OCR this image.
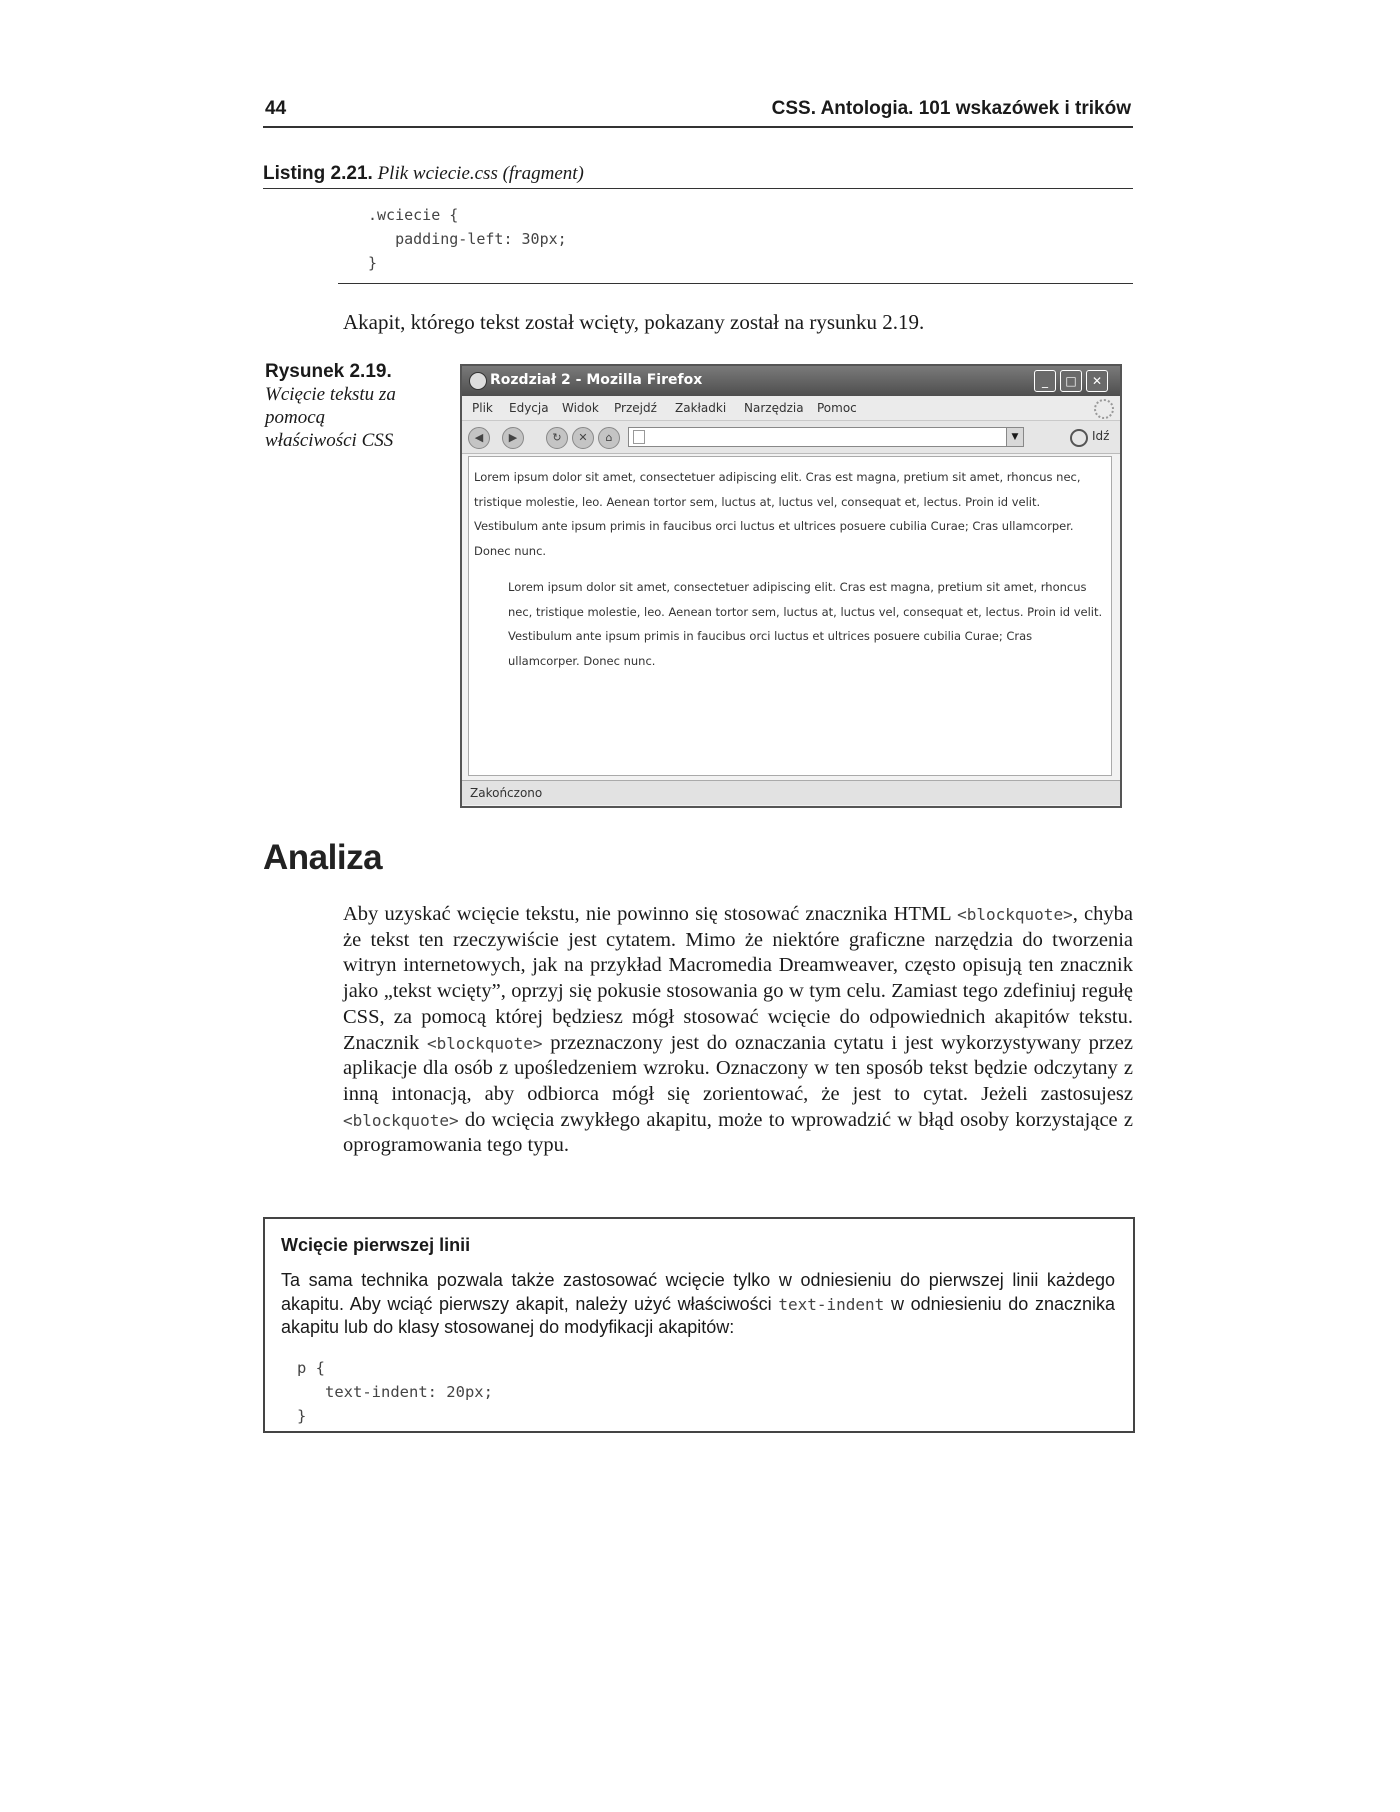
44	CSS. Antologia. 101 wskazówek i trików
Listing 2.21. Plik wciecie.css (fragment)
.wciecie {
padding-left: 30px;
}
Akapit, którego tekst został wcięty, pokazany został na rysunku 2.19.
Rysunek 2.19.
Wcięcie tekstu za pomocą właściwości CSS
Rozdział 2 - Mozilla Firefox	_	□	✕
Plik Edycja Widok Przejdź Zakładki Narzędzia Pomoc
◀	▶	↻	✕	⌂	▼	Idź

Lorem ipsum dolor sit amet, consectetuer adipiscing elit. Cras est magna, pretium sit amet, rhoncus nec, tristique molestie, leo. Aenean tortor sem, luctus at, luctus vel, consequat et, lectus. Proin id velit. Vestibulum ante ipsum primis in faucibus orci luctus et ultrices posuere cubilia Curae; Cras ullamcorper. Donec nunc.

Lorem ipsum dolor sit amet, consectetuer adipiscing elit. Cras est magna, pretium sit amet, rhoncus nec, tristique molestie, leo. Aenean tortor sem, luctus at, luctus vel, consequat et, lectus. Proin id velit. Vestibulum ante ipsum primis in faucibus orci luctus et ultrices posuere cubilia Curae; Cras ullamcorper. Donec nunc.

Zakończono
Analiza

Aby uzyskać wcięcie tekstu, nie powinno się stosować znacznika HTML <blockquote>, chyba że tekst ten rzeczywiście jest cytatem. Mimo że niektóre graficzne narzędzia do tworzenia witryn internetowych, jak na przykład Macromedia Dreamweaver, często opisują ten znacznik jako „tekst wcięty”, oprzyj się pokusie stosowania go w tym celu. Zamiast tego zdefiniuj regułę CSS, za pomocą której będziesz mógł stosować wcięcie do odpowiednich akapitów tekstu. Znacznik <blockquote> przeznaczony jest do oznaczania cytatu i jest wykorzystywany przez aplikacje dla osób z upośledzeniem wzroku. Oznaczony w ten sposób tekst będzie odczytany z inną intonacją, aby odbiorca mógł się zorientować, że jest to cytat. Jeżeli zastosujesz <blockquote> do wcięcia zwykłego akapitu, może to wprowadzić w błąd osoby korzystające z oprogramowania tego typu.

Wcięcie pierwszej linii

Ta sama technika pozwala także zastosować wcięcie tylko w odniesieniu do pierwszej linii każdego akapitu. Aby wciąć pierwszy akapit, należy użyć właściwości text-indent w odniesieniu do znacznika akapitu lub do klasy stosowanej do modyfikacji akapitów:

p {
text-indent: 20px;
}
